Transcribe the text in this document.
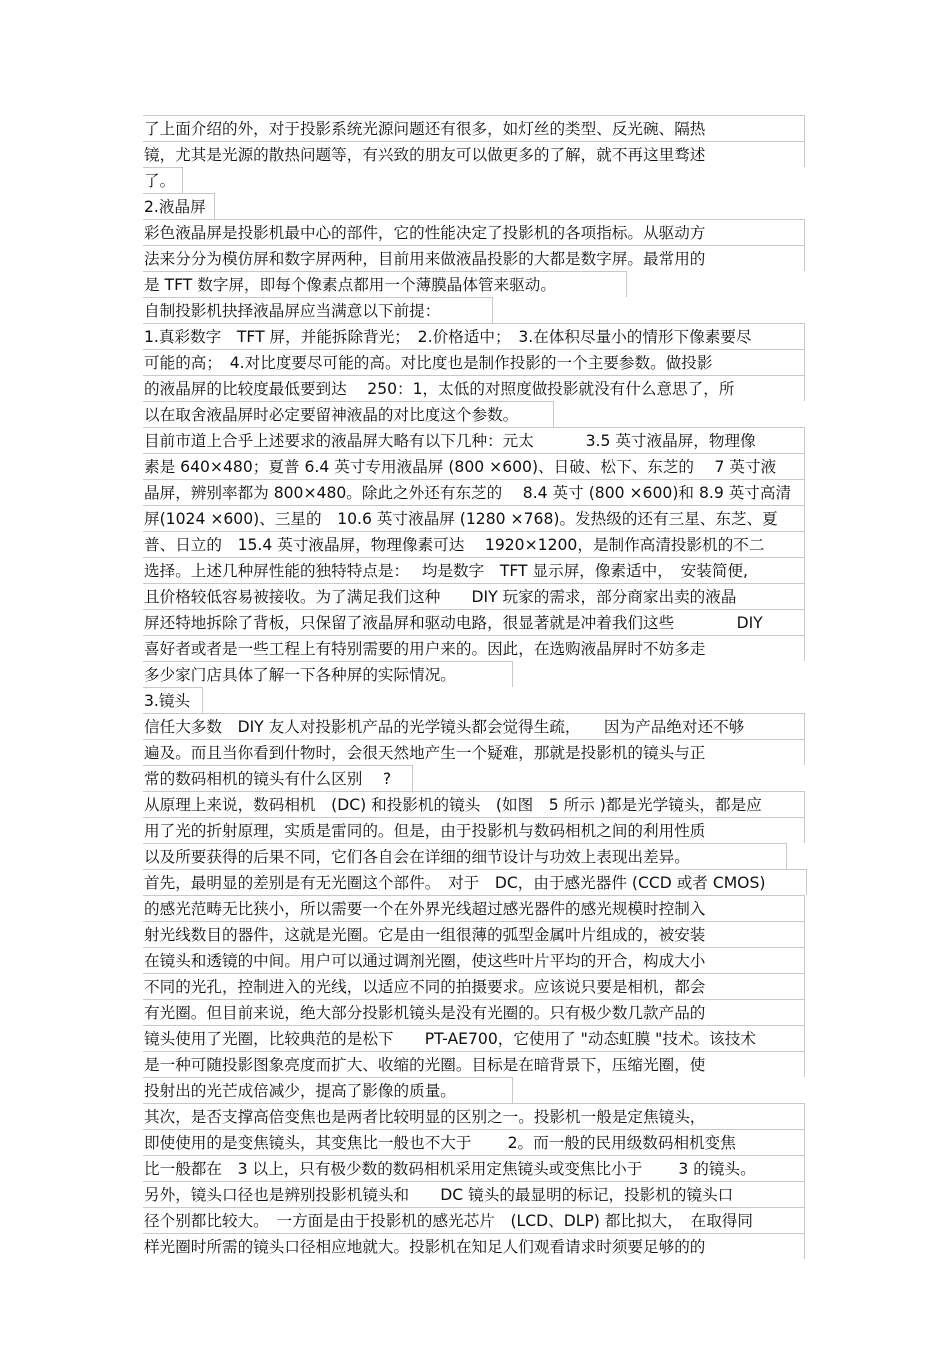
了上面介绍的外，对于投影系统光源问题还有很多，如灯丝的类型、反光碗、隔热
镜，尤其是光源的散热问题等，有兴致的朋友可以做更多的了解，就不再这里骛述
了。
2.液晶屏
彩色液晶屏是投影机最中心的部件，它的性能决定了投影机的各项指标。从驱动方
法来分分为模仿屏和数字屏两种，目前用来做液晶投影的大都是数字屏。最常用的
是 TFT 数字屏，即每个像素点都用一个薄膜晶体管来驱动。
自制投影机抉择液晶屏应当满意以下前提：
1.真彩数字　TFT 屏，并能拆除背光；　2.价格适中；　3.在体积尽量小的情形下像素要尽
可能的高；　4.对比度要尽可能的高。对比度也是制作投影的一个主要参数。做投影
的液晶屏的比较度最低要到达　 250：1，太低的对照度做投影就没有什么意思了，所
以在取舍液晶屏时必定要留神液晶的对比度这个参数。
目前市道上合乎上述要求的液晶屏大略有以下几种：元太　　　 3.5 英寸液晶屏，物理像
素是 640×480；夏普 6.4 英寸专用液晶屏 (800 ×600)、日破、松下、东芝的　 7 英寸液
晶屏，辨别率都为 800×480。除此之外还有东芝的　 8.4 英寸 (800 ×600)和 8.9 英寸高清
屏(1024 ×600)、三星的　10.6 英寸液晶屏 (1280 ×768)。发热级的还有三星、东芝、夏
普、日立的　15.4 英寸液晶屏，物理像素可达　 1920×1200，是制作高清投影机的不二
选择。上述几种屏性能的独特特点是：　 均是数字　TFT 显示屏，像素适中，　安装简便,
且价格较低容易被接收。为了满足我们这种　　DIY 玩家的需求，部分商家出卖的液晶
屏还特地拆除了背板，只保留了液晶屏和驱动电路，很显著就是冲着我们这些　　　　DIY
喜好者或者是一些工程上有特别需要的用户来的。因此，在选购液晶屏时不妨多走
多少家门店具体了解一下各种屏的实际情况。
3.镜头
信任大多数　DIY 友人对投影机产品的光学镜头都会觉得生疏，　　因为产品绝对还不够
遍及。而且当你看到什物时，会很天然地产生一个疑难，那就是投影机的镜头与正
常的数码相机的镜头有什么区别　 ?
从原理上来说，数码相机　(DC) 和投影机的镜头　(如图　5 所示 )都是光学镜头，都是应
用了光的折射原理，实质是雷同的。但是，由于投影机与数码相机之间的利用性质
以及所要获得的后果不同，它们各自会在详细的细节设计与功效上表现出差异。
首先，最明显的差别是有无光圈这个部件。　对于　DC，由于感光器件 (CCD 或者 CMOS)
的感光范畴无比狭小，所以需要一个在外界光线超过感光器件的感光规模时控制入
射光线数目的器件，这就是光圈。它是由一组很薄的弧型金属叶片组成的，被安装
在镜头和透镜的中间。用户可以通过调剂光圈，使这些叶片平均的开合，构成大小
不同的光孔，控制进入的光线，以适应不同的拍摄要求。应该说只要是相机，都会
有光圈。但目前来说，绝大部分投影机镜头是没有光圈的。只有极少数几款产品的
镜头使用了光圈，比较典范的是松下　　PT-AE700，它使用了 "动态虹膜 "技术。该技术
是一种可随投影图象亮度而扩大、收缩的光圈。目标是在暗背景下，压缩光圈，使
投射出的光芒成倍减少，提高了影像的质量。
其次，是否支撑高倍变焦也是两者比较明显的区别之一。投影机一般是定焦镜头，
即使使用的是变焦镜头，其变焦比一般也不大于　　 2。而一般的民用级数码相机变焦
比一般都在　3 以上，只有极少数的数码相机采用定焦镜头或变焦比小于　　 3 的镜头。
另外，镜头口径也是辨别投影机镜头和　　DC 镜头的最显明的标记，投影机的镜头口
径个别都比较大。　一方面是由于投影机的感光芯片　(LCD、DLP) 都比拟大，　在取得同
样光圈时所需的镜头口径相应地就大。投影机在知足人们观看请求时须要足够的的
